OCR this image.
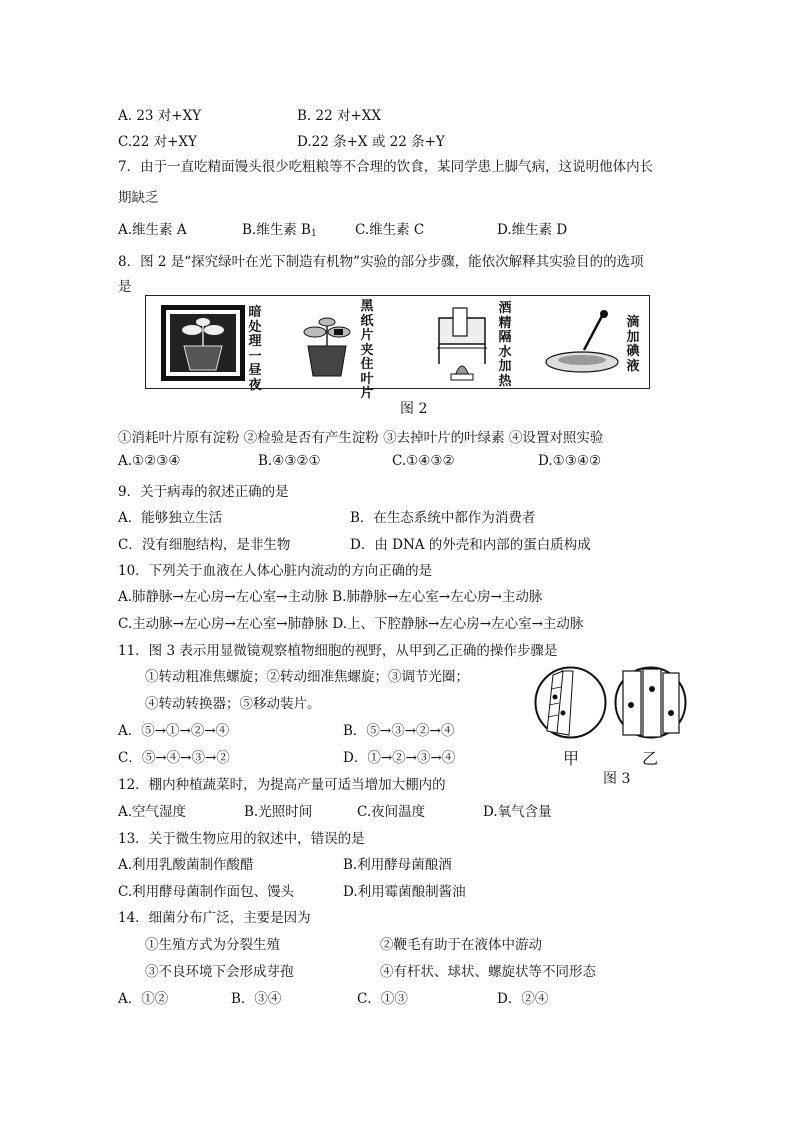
A. 23 对+XY	B. 22 对+XX
C.22 对+XY	D.22 条+X 或 22 条+Y
7．由于一直吃精面馒头很少吃粗粮等不合理的饮食，某同学患上脚气病，这说明他体内长
期缺乏
A.维生素 A	B.维生素 $B_1$	C.维生素 C	D.维生素 D
8．图 2 是“探究绿叶在光下制造有机物”实验的部分步骤，能依次解释其实验目的的选项
是
暗处理一昼夜
黑纸片夹住叶片
酒精隔水加热
滴加碘液
图 2
①消耗叶片原有淀粉 ②检验是否有产生淀粉 ③去掉叶片的叶绿素 ④设置对照实验
A.①②③④	B.④③②①	C.①④③②	D.①③④②
9．关于病毒的叙述正确的是
A．能够独立生活	B．在生态系统中都作为消费者
C．没有细胞结构，是非生物	D．由 DNA 的外壳和内部的蛋白质构成
10．下列关于血液在人体心脏内流动的方向正确的是
A.肺静脉→左心房→左心室→主动脉 B.肺静脉→左心室→左心房→主动脉
C.主动脉→左心房→左心室→肺静脉 D.上、下腔静脉→左心房→左心室→主动脉
11．图 3 表示用显微镜观察植物细胞的视野，从甲到乙正确的操作步骤是
①转动粗准焦螺旋；②转动细准焦螺旋；③调节光圈；
④转动转换器；⑤移动装片。
A．⑤→①→②→④	B．⑤→③→②→④
C．⑤→④→③→②	D．①→②→③→④	甲	乙
图 3
12．棚内种植蔬菜时，为提高产量可适当增加大棚内的
A.空气湿度	B.光照时间	C.夜间温度	D.氧气含量
13．关于微生物应用的叙述中，错误的是
A.利用乳酸菌制作酸醋	B.利用酵母菌酿酒
C.利用酵母菌制作面包、馒头	D.利用霉菌酿制酱油
14．细菌分布广泛，主要是因为
①生殖方式为分裂生殖	②鞭毛有助于在液体中游动
③不良环境下会形成芽孢	④有杆状、球状、螺旋状等不同形态
A．①②	B．③④	C．①③	D．②④
